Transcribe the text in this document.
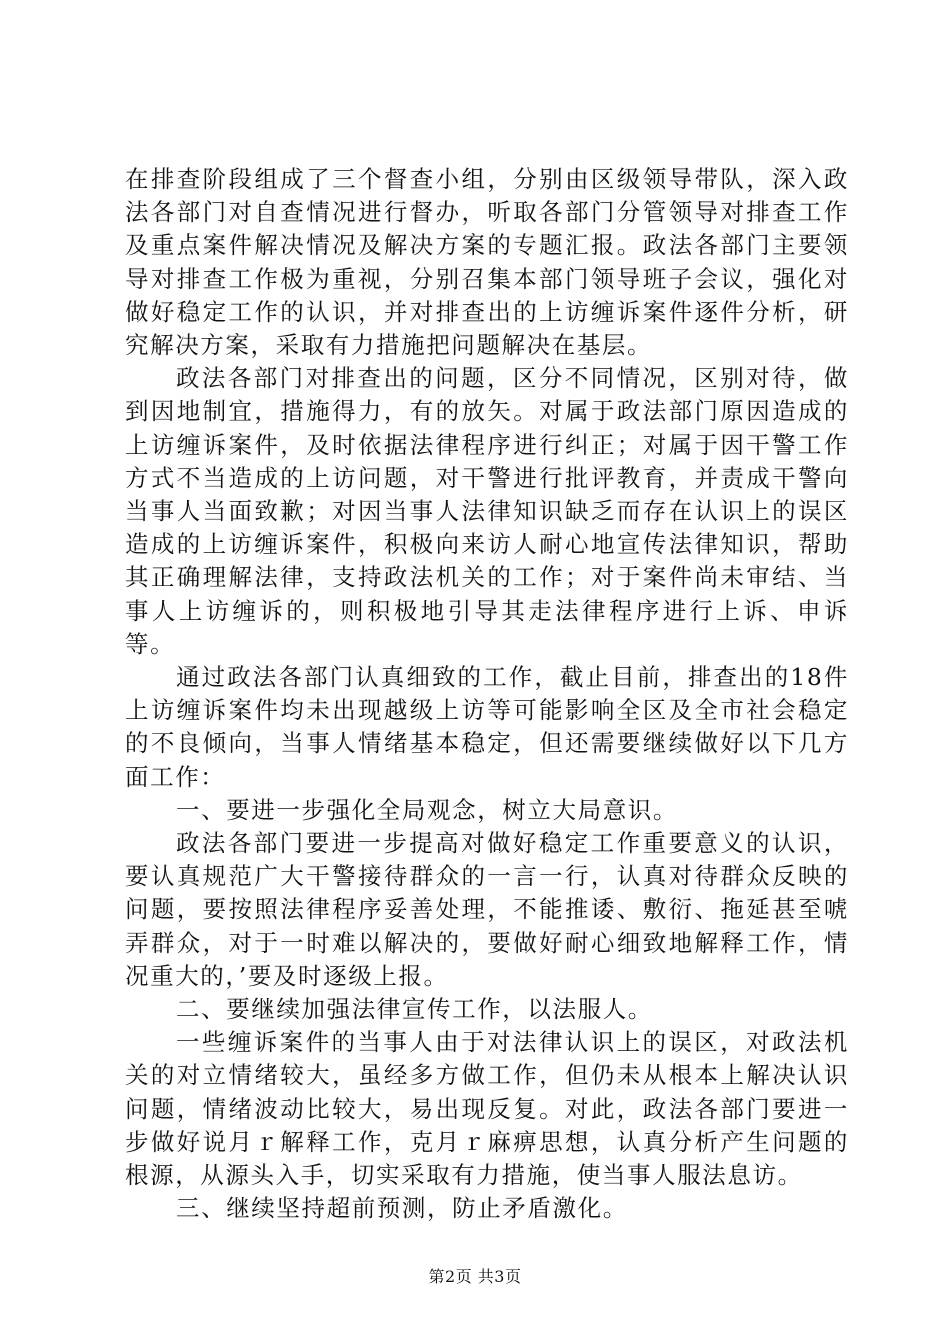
在排查阶段组成了三个督查小组，分别由区级领导带队，深入政法各部门对自查情况进行督办，听取各部门分管领导对排查工作及重点案件解决情况及解决方案的专题汇报。政法各部门主要领导对排查工作极为重视，分别召集本部门领导班子会议，强化对做好稳定工作的认识，并对排查出的上访缠诉案件逐件分析，研究解决方案，采取有力措施把问题解决在基层。

政法各部门对排查出的问题，区分不同情况，区别对待，做到因地制宜，措施得力，有的放矢。对属于政法部门原因造成的上访缠诉案件，及时依据法律程序进行纠正；对属于因干警工作方式不当造成的上访问题，对干警进行批评教育，并责成干警向当事人当面致歉；对因当事人法律知识缺乏而存在认识上的误区造成的上访缠诉案件，积极向来访人耐心地宣传法律知识，帮助其正确理解法律，支持政法机关的工作；对于案件尚未审结、当事人上访缠诉的，则积极地引导其走法律程序进行上诉、申诉等。

通过政法各部门认真细致的工作，截止目前，排查出的18件上访缠诉案件均未出现越级上访等可能影响全区及全市社会稳定的不良倾向，当事人情绪基本稳定，但还需要继续做好以下几方面工作：

一、要进一步强化全局观念，树立大局意识。

政法各部门要进一步提高对做好稳定工作重要意义的认识，要认真规范广大干警接待群众的一言一行，认真对待群众反映的问题，要按照法律程序妥善处理，不能推诿、敷衍、拖延甚至唬弄群众，对于一时难以解决的，要做好耐心细致地解释工作，情况重大的，’要及时逐级上报。

二、要继续加强法律宣传工作，以法服人。

一些缠诉案件的当事人由于对法律认识上的误区，对政法机关的对立情绪较大，虽经多方做工作，但仍未从根本上解决认识问题，情绪波动比较大，易出现反复。对此，政法各部门要进一步做好说月ｒ解释工作，克月ｒ麻痹思想，认真分析产生问题的根源，从源头入手，切实采取有力措施，使当事人服法息访。

三、继续坚持超前预测，防止矛盾激化。

第2页 共3页
